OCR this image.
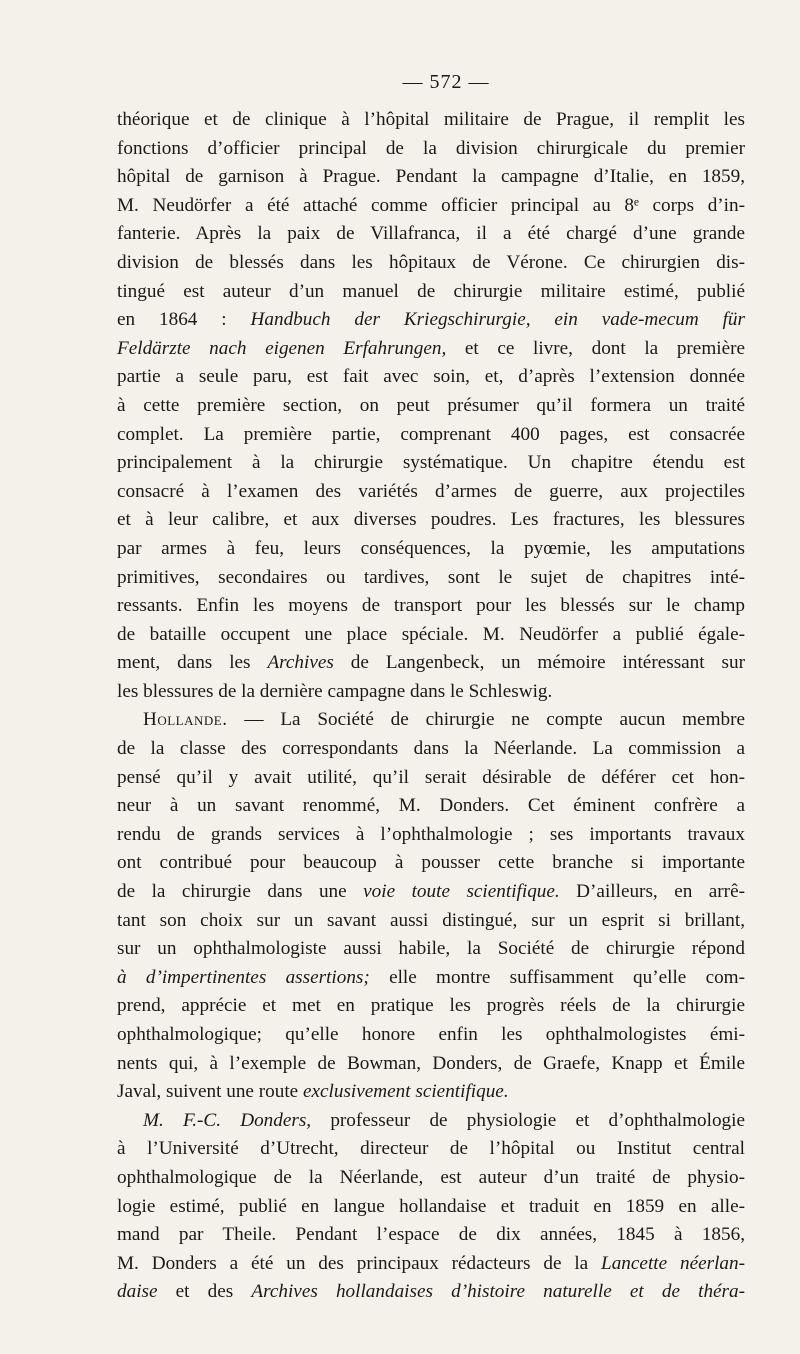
— 572 —
théorique et de clinique à l’hôpital militaire de Prague, il remplit les
fonctions d’officier principal de la division chirurgicale du premier
hôpital de garnison à Prague. Pendant la campagne d’Italie, en 1859,
M. Neudörfer a été attaché comme officier principal au 8ᵉ corps d’in-
fanterie. Après la paix de Villafranca, il a été chargé d’une grande
division de blessés dans les hôpitaux de Vérone. Ce chirurgien dis-
tingué est auteur d’un manuel de chirurgie militaire estimé, publié
en 1864 : Handbuch der Kriegschirurgie, ein vade-mecum für
Feldärzte nach eigenen Erfahrungen, et ce livre, dont la première
partie a seule paru, est fait avec soin, et, d’après l’extension donnée
à cette première section, on peut présumer qu’il formera un traité
complet. La première partie, comprenant 400 pages, est consacrée
principalement à la chirurgie systématique. Un chapitre étendu est
consacré à l’examen des variétés d’armes de guerre, aux projectiles
et à leur calibre, et aux diverses poudres. Les fractures, les blessures
par armes à feu, leurs conséquences, la pyœmie, les amputations
primitives, secondaires ou tardives, sont le sujet de chapitres inté-
ressants. Enfin les moyens de transport pour les blessés sur le champ
de bataille occupent une place spéciale. M. Neudörfer a publié égale-
ment, dans les Archives de Langenbeck, un mémoire intéressant sur
les blessures de la dernière campagne dans le Schleswig.
Hollande. — La Société de chirurgie ne compte aucun membre
de la classe des correspondants dans la Néerlande. La commission a
pensé qu’il y avait utilité, qu’il serait désirable de déférer cet hon-
neur à un savant renommé, M. Donders. Cet éminent confrère a
rendu de grands services à l’ophthalmologie ; ses importants travaux
ont contribué pour beaucoup à pousser cette branche si importante
de la chirurgie dans une voie toute scientifique. D’ailleurs, en arrê-
tant son choix sur un savant aussi distingué, sur un esprit si brillant,
sur un ophthalmologiste aussi habile, la Société de chirurgie répond
à d’impertinentes assertions; elle montre suffisamment qu’elle com-
prend, apprécie et met en pratique les progrès réels de la chirurgie
ophthalmologique; qu’elle honore enfin les ophthalmologistes émi-
nents qui, à l’exemple de Bowman, Donders, de Graefe, Knapp et Émile
Javal, suivent une route exclusivement scientifique.
M. F.-C. Donders, professeur de physiologie et d’ophthalmologie
à l’Université d’Utrecht, directeur de l’hôpital ou Institut central
ophthalmologique de la Néerlande, est auteur d’un traité de physio-
logie estimé, publié en langue hollandaise et traduit en 1859 en alle-
mand par Theile. Pendant l’espace de dix années, 1845 à 1856,
M. Donders a été un des principaux rédacteurs de la Lancette néerlan-
daise et des Archives hollandaises d’histoire naturelle et de théra-
